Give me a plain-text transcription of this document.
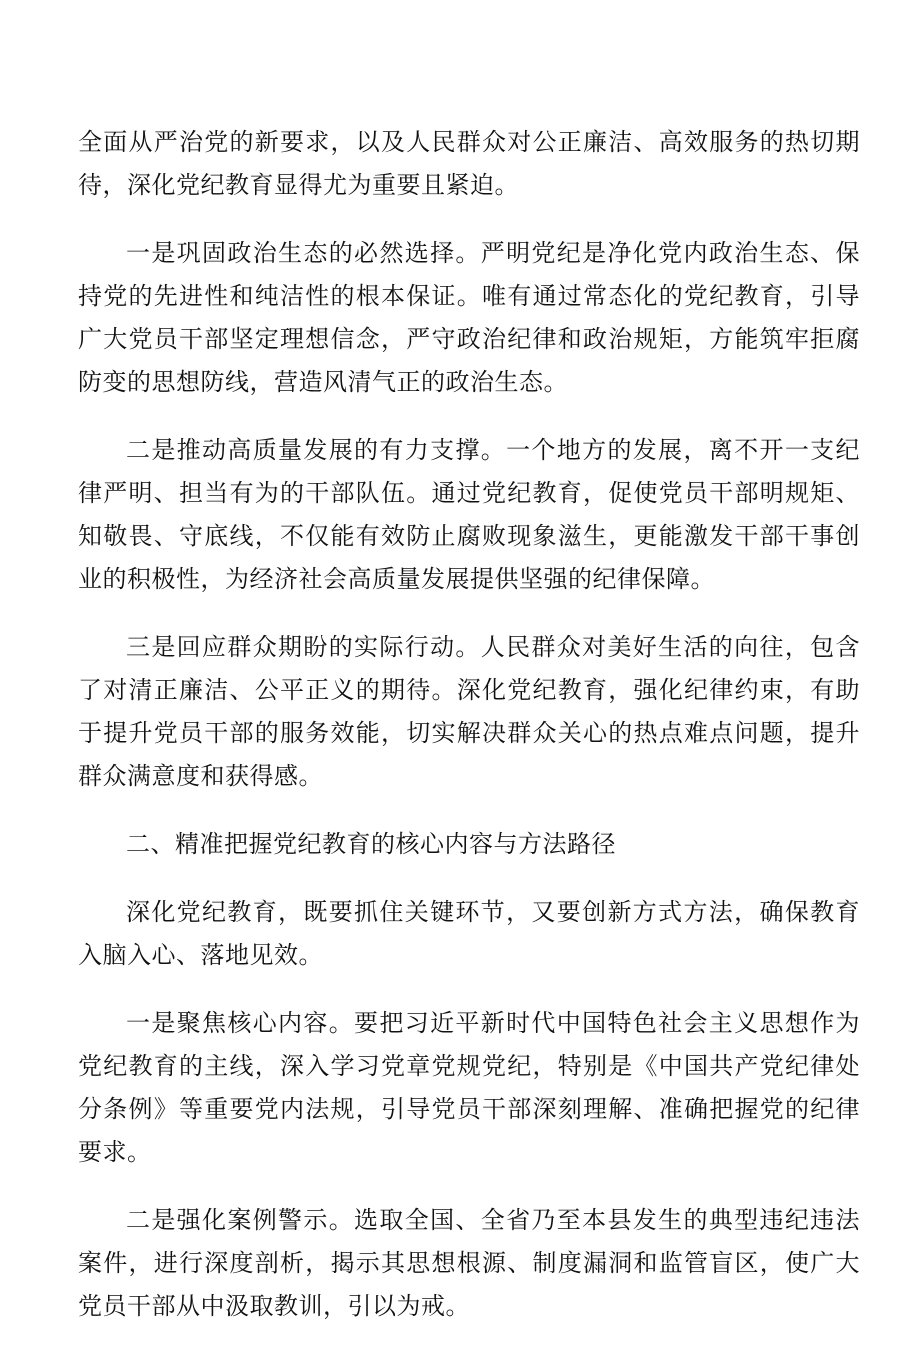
全面从严治党的新要求，以及人民群众对公正廉洁、高效服务的热切期待，深化党纪教育显得尤为重要且紧迫。

一是巩固政治生态的必然选择。严明党纪是净化党内政治生态、保持党的先进性和纯洁性的根本保证。唯有通过常态化的党纪教育，引导广大党员干部坚定理想信念，严守政治纪律和政治规矩，方能筑牢拒腐防变的思想防线，营造风清气正的政治生态。

二是推动高质量发展的有力支撑。一个地方的发展，离不开一支纪律严明、担当有为的干部队伍。通过党纪教育，促使党员干部明规矩、知敬畏、守底线，不仅能有效防止腐败现象滋生，更能激发干部干事创业的积极性，为经济社会高质量发展提供坚强的纪律保障。

三是回应群众期盼的实际行动。人民群众对美好生活的向往，包含了对清正廉洁、公平正义的期待。深化党纪教育，强化纪律约束，有助于提升党员干部的服务效能，切实解决群众关心的热点难点问题，提升群众满意度和获得感。

二、精准把握党纪教育的核心内容与方法路径

深化党纪教育，既要抓住关键环节，又要创新方式方法，确保教育入脑入心、落地见效。

一是聚焦核心内容。要把习近平新时代中国特色社会主义思想作为党纪教育的主线，深入学习党章党规党纪，特别是《中国共产党纪律处分条例》等重要党内法规，引导党员干部深刻理解、准确把握党的纪律要求。

二是强化案例警示。选取全国、全省乃至本县发生的典型违纪违法案件，进行深度剖析，揭示其思想根源、制度漏洞和监管盲区，使广大党员干部从中汲取教训，引以为戒。
